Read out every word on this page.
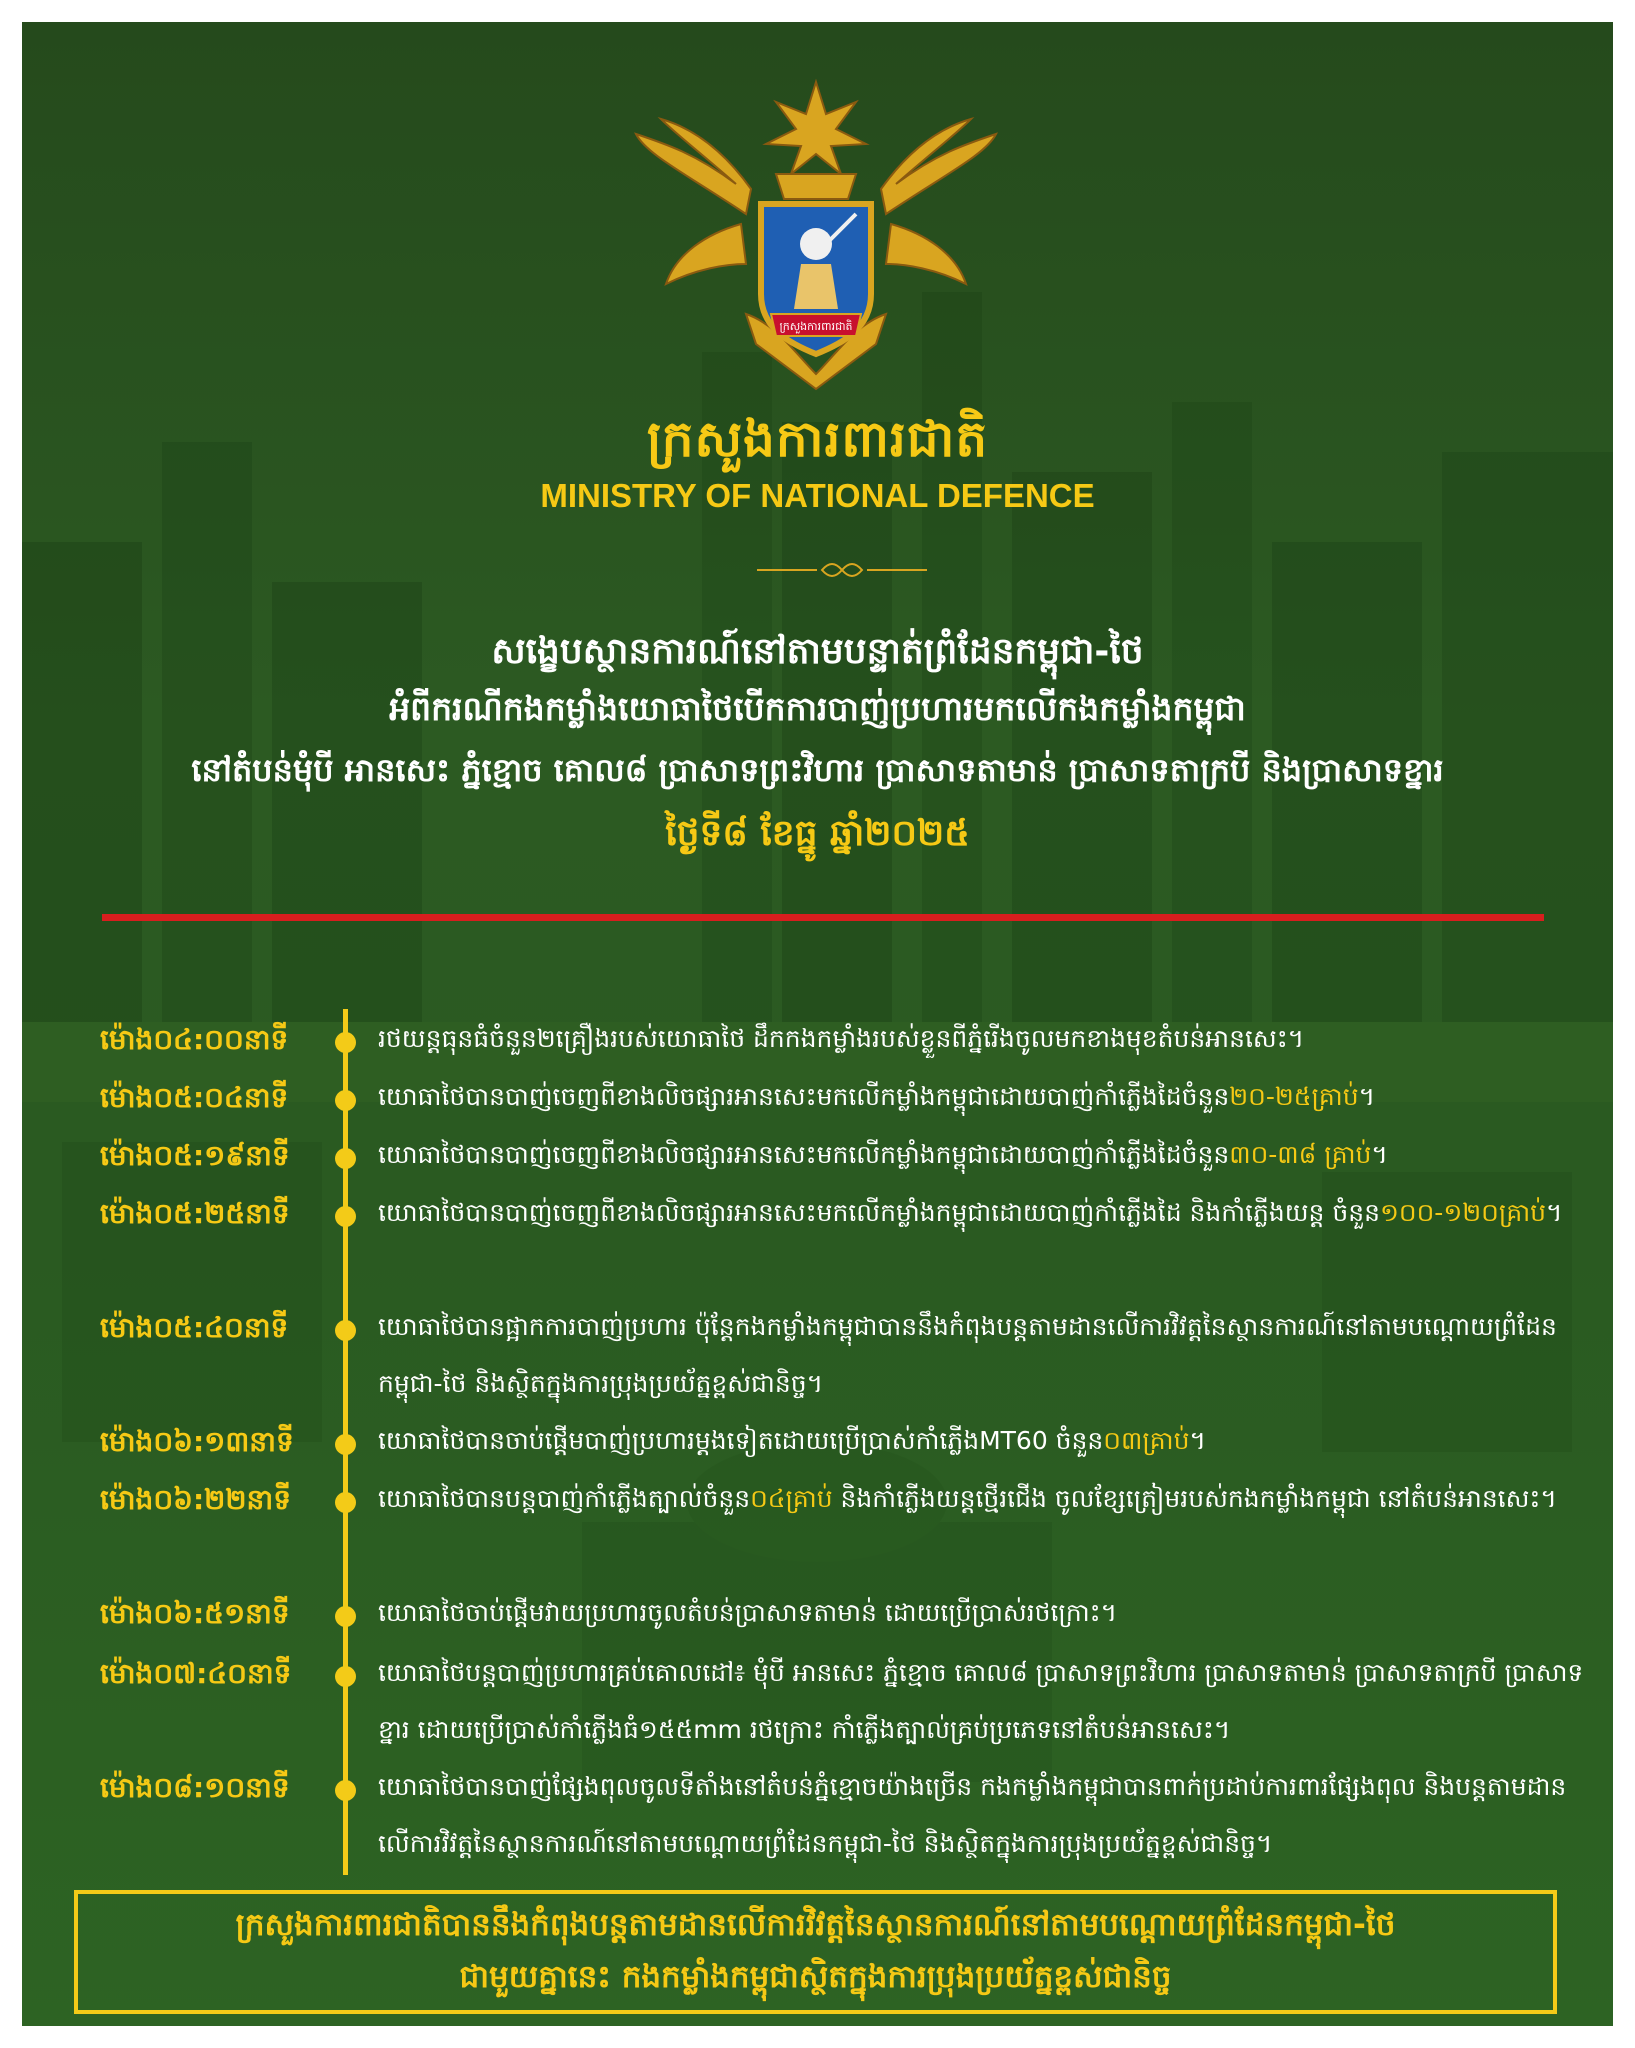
ក្រសួងការពារជាតិ
ក្រសួងការពារជាតិ
MINISTRY OF NATIONAL DEFENCE
សង្ខេបស្ថានការណ៍នៅតាមបន្ទាត់ព្រំដែនកម្ពុជា-ថៃ
អំពីករណីកងកម្លាំងយោធាថៃបើកការបាញ់ប្រហារមកលើកងកម្លាំងកម្ពុជា
នៅតំបន់មុំបី អានសេះ ភ្នំខ្មោច គោល៨ ប្រាសាទព្រះវិហារ ប្រាសាទតាមាន់ ប្រាសាទតាក្របី និងប្រាសាទខ្នារ
ថ្ងៃទី៨ ខែធ្នូ ឆ្នាំ២០២៥
ម៉ោង០៤:០០នាទី	រថយន្តធុនធំចំនួន២គ្រឿងរបស់យោធាថៃ ដឹកកងកម្លាំងរបស់ខ្លួនពីភ្នំរើងចូលមកខាងមុខតំបន់អានសេះ។
ម៉ោង០៥:០៤នាទី	យោធាថៃបានបាញ់ចេញពីខាងលិចផ្សារអានសេះមកលើកម្លាំងកម្ពុជាដោយបាញ់កាំភ្លើងដៃចំនួន២០-២៥គ្រាប់។
ម៉ោង០៥:១៩នាទី	យោធាថៃបានបាញ់ចេញពីខាងលិចផ្សារអានសេះមកលើកម្លាំងកម្ពុជាដោយបាញ់កាំភ្លើងដៃចំនួន៣០-៣៨ គ្រាប់។
ម៉ោង០៥:២៥នាទី	យោធាថៃបានបាញ់ចេញពីខាងលិចផ្សារអានសេះមកលើកម្លាំងកម្ពុជាដោយបាញ់កាំភ្លើងដៃ និងកាំភ្លើងយន្ត ចំនួន១០០-១២០គ្រាប់។
ម៉ោង០៥:៤០នាទី	យោធាថៃបានផ្អាកការបាញ់ប្រហារ ប៉ុន្តែកងកម្លាំងកម្ពុជាបាននឹងកំពុងបន្តតាមដានលើការវិវត្តនៃស្ថានការណ៍នៅតាមបណ្តោយព្រំដែនកម្ពុជា-ថៃ និងស្ថិតក្នុងការប្រុងប្រយ័ត្នខ្ពស់ជានិច្ច។
ម៉ោង០៦:១៣នាទី	យោធាថៃបានចាប់ផ្តើមបាញ់ប្រហារម្តងទៀតដោយប្រើប្រាស់កាំភ្លើងMT60 ចំនួន០៣គ្រាប់។
ម៉ោង០៦:២២នាទី	យោធាថៃបានបន្តបាញ់កាំភ្លើងត្បាល់ចំនួន០៤គ្រាប់ និងកាំភ្លើងយន្តថ្មើរជើង ចូលខ្សែត្រៀមរបស់កងកម្លាំងកម្ពុជា នៅតំបន់អានសេះ។
ម៉ោង០៦:៥១នាទី	យោធាថៃចាប់ផ្តើមវាយប្រហារចូលតំបន់ប្រាសាទតាមាន់ ដោយប្រើប្រាស់រថក្រោះ។
ម៉ោង០៧:៤០នាទី	យោធាថៃបន្តបាញ់ប្រហារគ្រប់គោលដៅ៖ មុំបី អានសេះ ភ្នំខ្មោច គោល៨ ប្រាសាទព្រះវិហារ ប្រាសាទតាមាន់ ប្រាសាទតាក្របី ប្រាសាទខ្នារ ដោយប្រើប្រាស់កាំភ្លើងធំ១៥៥mm រថក្រោះ កាំភ្លើងត្បាល់គ្រប់ប្រភេទនៅតំបន់អានសេះ។
ម៉ោង០៨:១០នាទី	យោធាថៃបានបាញ់ផ្សែងពុលចូលទីតាំងនៅតំបន់ភ្នំខ្មោចយ៉ាងច្រើន កងកម្លាំងកម្ពុជាបានពាក់ប្រដាប់ការពារផ្សែងពុល និងបន្តតាមដានលើការវិវត្តនៃស្ថានការណ៍នៅតាមបណ្តោយព្រំដែនកម្ពុជា-ថៃ និងស្ថិតក្នុងការប្រុងប្រយ័ត្នខ្ពស់ជានិច្ច។
ក្រសួងការពារជាតិបាននឹងកំពុងបន្តតាមដានលើការវិវត្តនៃស្ថានការណ៍នៅតាមបណ្តោយព្រំដែនកម្ពុជា-ថៃ
ជាមួយគ្នានេះ កងកម្លាំងកម្ពុជាស្ថិតក្នុងការប្រុងប្រយ័ត្នខ្ពស់ជានិច្ច
